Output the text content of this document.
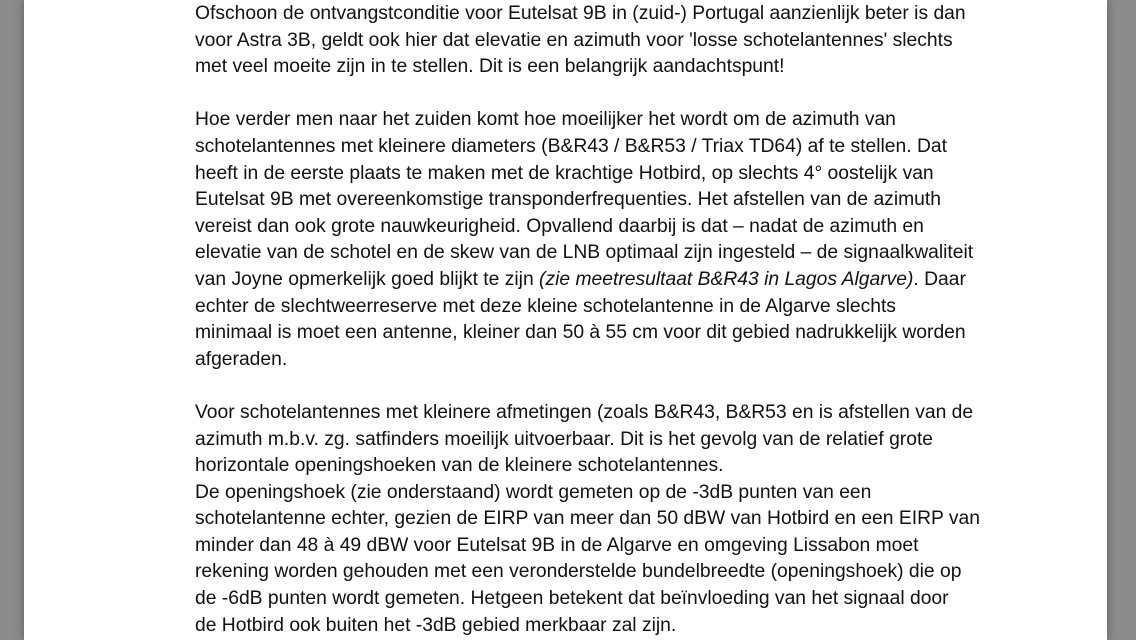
Ofschoon de ontvangstconditie voor Eutelsat 9B in (zuid-) Portugal aanzienlijk beter is dan
voor Astra 3B, geldt ook hier dat elevatie en azimuth voor 'losse schotelantennes' slechts
met veel moeite zijn in te stellen. Dit is een belangrijk aandachtspunt!
Hoe verder men naar het zuiden komt hoe moeilijker het wordt om de azimuth van
schotelantennes met kleinere diameters (B&R43 / B&R53 / Triax TD64) af te stellen. Dat
heeft in de eerste plaats te maken met de krachtige Hotbird, op slechts 4° oostelijk van
Eutelsat 9B met overeenkomstige transponderfrequenties. Het afstellen van de azimuth
vereist dan ook grote nauwkeurigheid. Opvallend daarbij is dat – nadat de azimuth en
elevatie van de schotel en de skew van de LNB optimaal zijn ingesteld – de signaalkwaliteit
van Joyne opmerkelijk goed blijkt te zijn (zie meetresultaat B&R43 in Lagos Algarve). Daar
echter de slechtweerreserve met deze kleine schotelantenne in de Algarve slechts
minimaal is moet een antenne, kleiner dan 50 à 55 cm voor dit gebied nadrukkelijk worden
afgeraden.
Voor schotelantennes met kleinere afmetingen (zoals B&R43, B&R53 en is afstellen van de
azimuth m.b.v. zg. satfinders moeilijk uitvoerbaar. Dit is het gevolg van de relatief grote
horizontale openingshoeken van de kleinere schotelantennes.
De openingshoek (zie onderstaand) wordt gemeten op de -3dB punten van een
schotelantenne echter, gezien de EIRP van meer dan 50 dBW van Hotbird en een EIRP van
minder dan 48 à 49 dBW voor Eutelsat 9B in de Algarve en omgeving Lissabon moet
rekening worden gehouden met een veronderstelde bundelbreedte (openingshoek) die op
de -6dB punten wordt gemeten. Hetgeen betekent dat beïnvloeding van het signaal door
de Hotbird ook buiten het -3dB gebied merkbaar zal zijn.
